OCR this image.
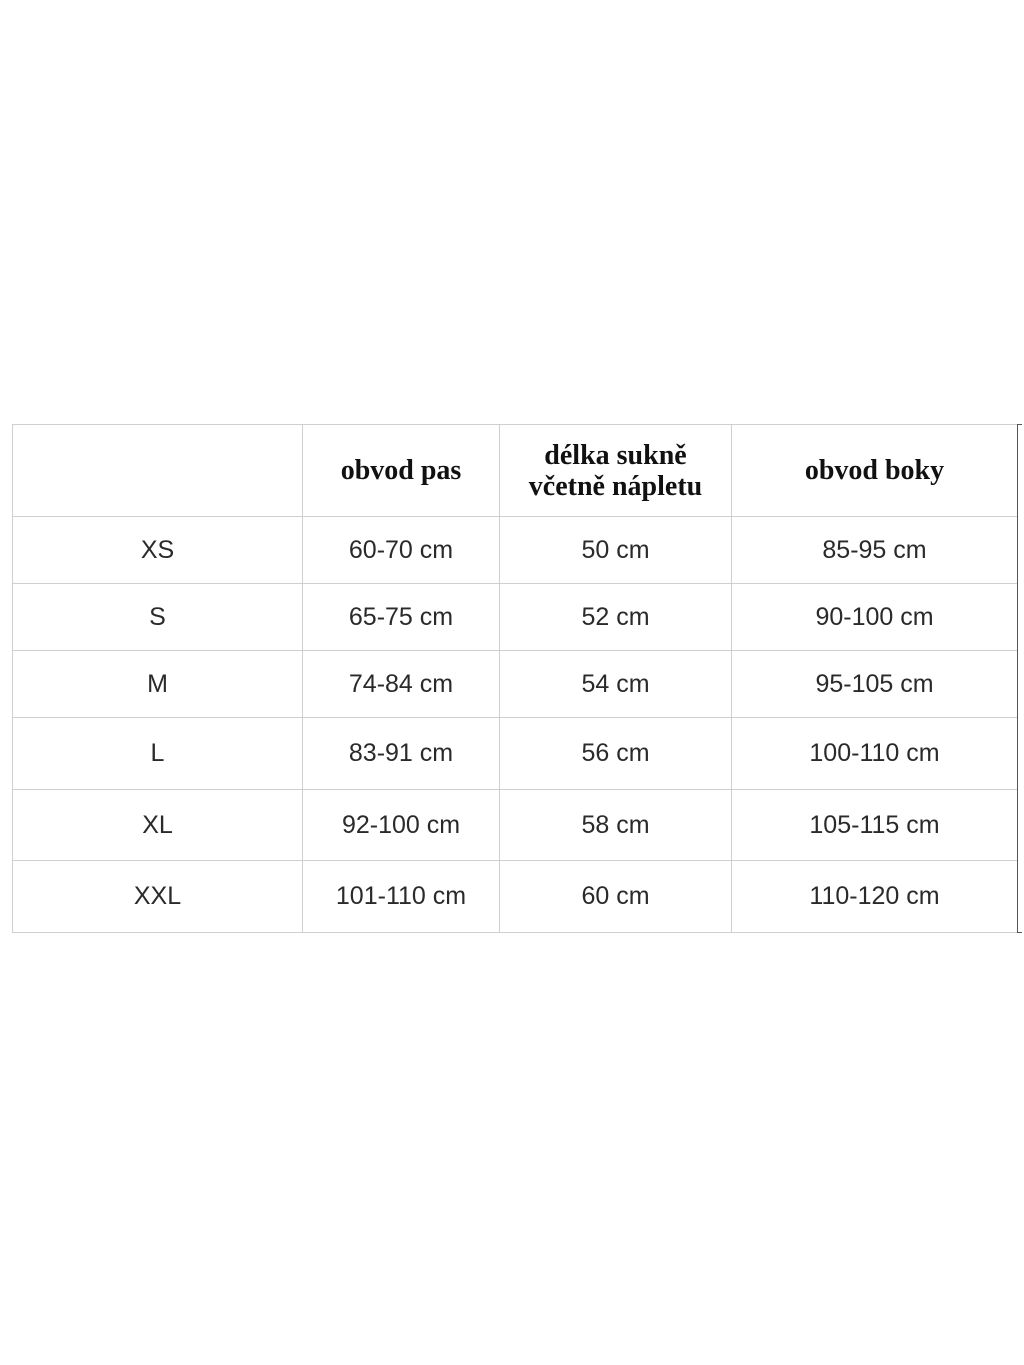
	obvod pas	délka sukně včetně nápletu	obvod boky
XS	60-70 cm	50 cm	85-95 cm
S	65-75 cm	52 cm	90-100 cm
M	74-84 cm	54 cm	95-105 cm
L	83-91 cm	56 cm	100-110 cm
XL	92-100 cm	58 cm	105-115 cm
XXL	101-110 cm	60 cm	110-120 cm
